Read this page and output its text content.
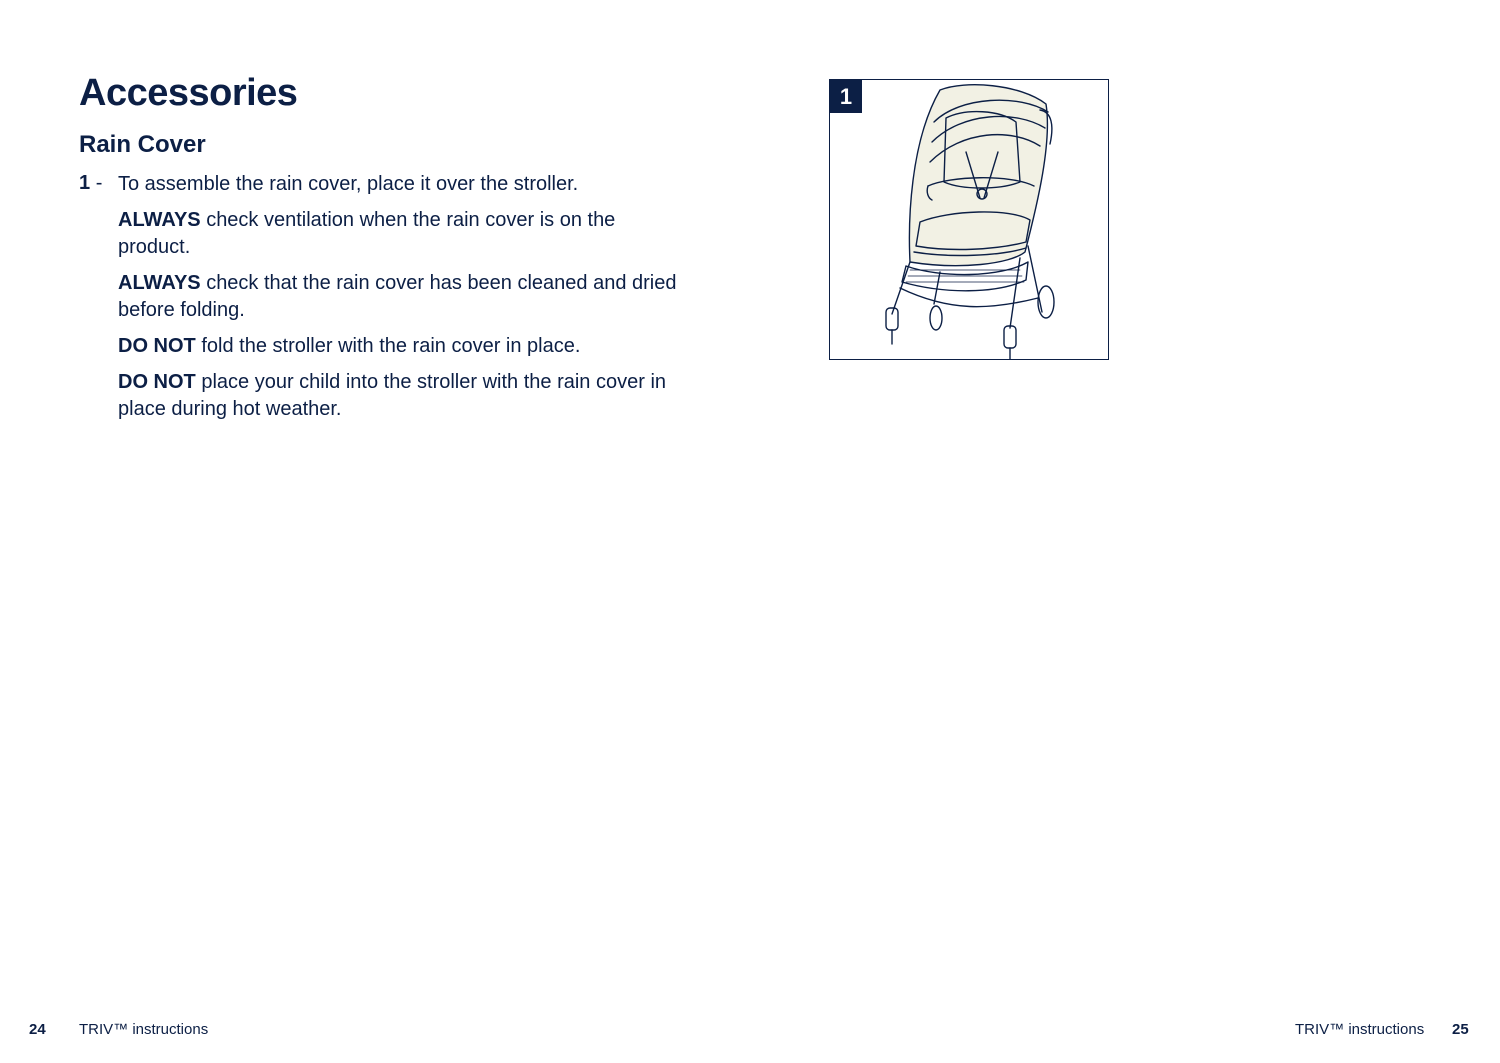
Accessories
Rain Cover
1 - To assemble the rain cover, place it over the stroller.

ALWAYS check ventilation when the rain cover is on the product.

ALWAYS check that the rain cover has been cleaned and dried before folding.

DO NOT fold the stroller with the rain cover in place.

DO NOT place your child into the stroller with the rain cover in place during hot weather.

1
24 TRIV™ instructions	TRIV™ instructions 25
